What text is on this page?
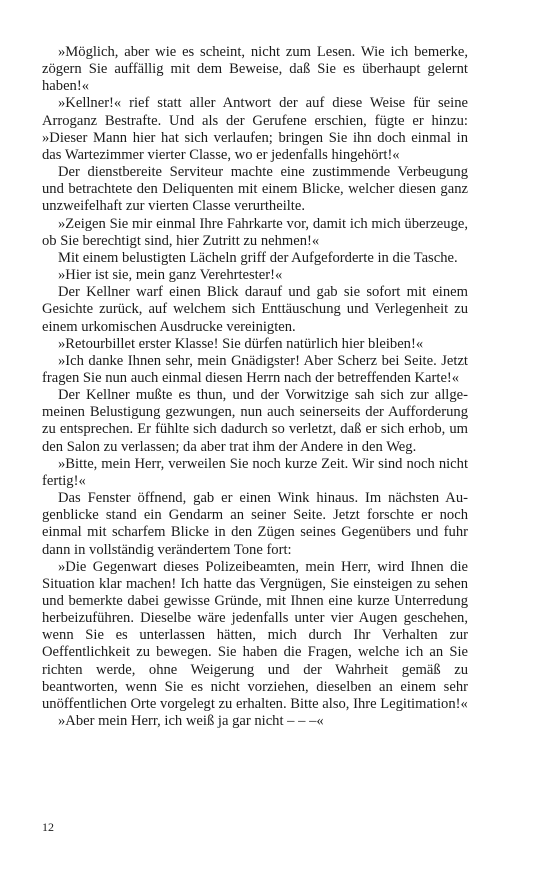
»Möglich, aber wie es scheint, nicht zum Lesen. Wie ich bemerke, zögern Sie auffällig mit dem Beweise, daß Sie es überhaupt gelernt haben!«

»Kellner!« rief statt aller Antwort der auf diese Weise für seine Arroganz Bestrafte. Und als der Gerufene erschien, fügte er hinzu: »Dieser Mann hier hat sich verlaufen; bringen Sie ihn doch einmal in das Wartezimmer vierter Classe, wo er jedenfalls hingehört!«

Der dienstbereite Serviteur machte eine zustimmende Verbeugung und betrachtete den Deliquenten mit einem Blicke, welcher diesen ganz unzweifelhaft zur vierten Classe verurtheilte.

»Zeigen Sie mir einmal Ihre Fahrkarte vor, damit ich mich überzeuge, ob Sie berechtigt sind, hier Zutritt zu nehmen!«

Mit einem belustigten Lächeln griff der Aufgeforderte in die Tasche.

»Hier ist sie, mein ganz Verehrtester!«

Der Kellner warf einen Blick darauf und gab sie sofort mit einem Gesichte zurück, auf welchem sich Enttäuschung und Verlegenheit zu einem urkomischen Ausdrucke vereinigten.

»Retourbillet erster Klasse! Sie dürfen natürlich hier bleiben!«

»Ich danke Ihnen sehr, mein Gnädigster! Aber Scherz bei Seite. Jetzt fragen Sie nun auch einmal diesen Herrn nach der betreffenden Karte!«

Der Kellner mußte es thun, und der Vorwitzige sah sich zur allgemeinen Belustigung gezwungen, nun auch seinerseits der Aufforderung zu entsprechen. Er fühlte sich dadurch so verletzt, daß er sich erhob, um den Salon zu verlassen; da aber trat ihm der Andere in den Weg.

»Bitte, mein Herr, verweilen Sie noch kurze Zeit. Wir sind noch nicht fertig!«

Das Fenster öffnend, gab er einen Wink hinaus. Im nächsten Augenblicke stand ein Gendarm an seiner Seite. Jetzt forschte er noch einmal mit scharfem Blicke in den Zügen seines Gegenübers und fuhr dann in vollständig verändertem Tone fort:

»Die Gegenwart dieses Polizeibeamten, mein Herr, wird Ihnen die Situation klar machen! Ich hatte das Vergnügen, Sie einsteigen zu sehen und bemerkte dabei gewisse Gründe, mit Ihnen eine kurze Unterredung herbeizuführen. Dieselbe wäre jedenfalls unter vier Augen geschehen, wenn Sie es unterlassen hätten, mich durch Ihr Verhalten zur Oeffentlichkeit zu bewegen. Sie haben die Fragen, welche ich an Sie richten werde, ohne Weigerung und der Wahrheit gemäß zu beantworten, wenn Sie es nicht vorziehen, dieselben an einem sehr unöffentlichen Orte vorgelegt zu erhalten. Bitte also, Ihre Legitimation!«

»Aber mein Herr, ich weiß ja gar nicht – – –«

12
